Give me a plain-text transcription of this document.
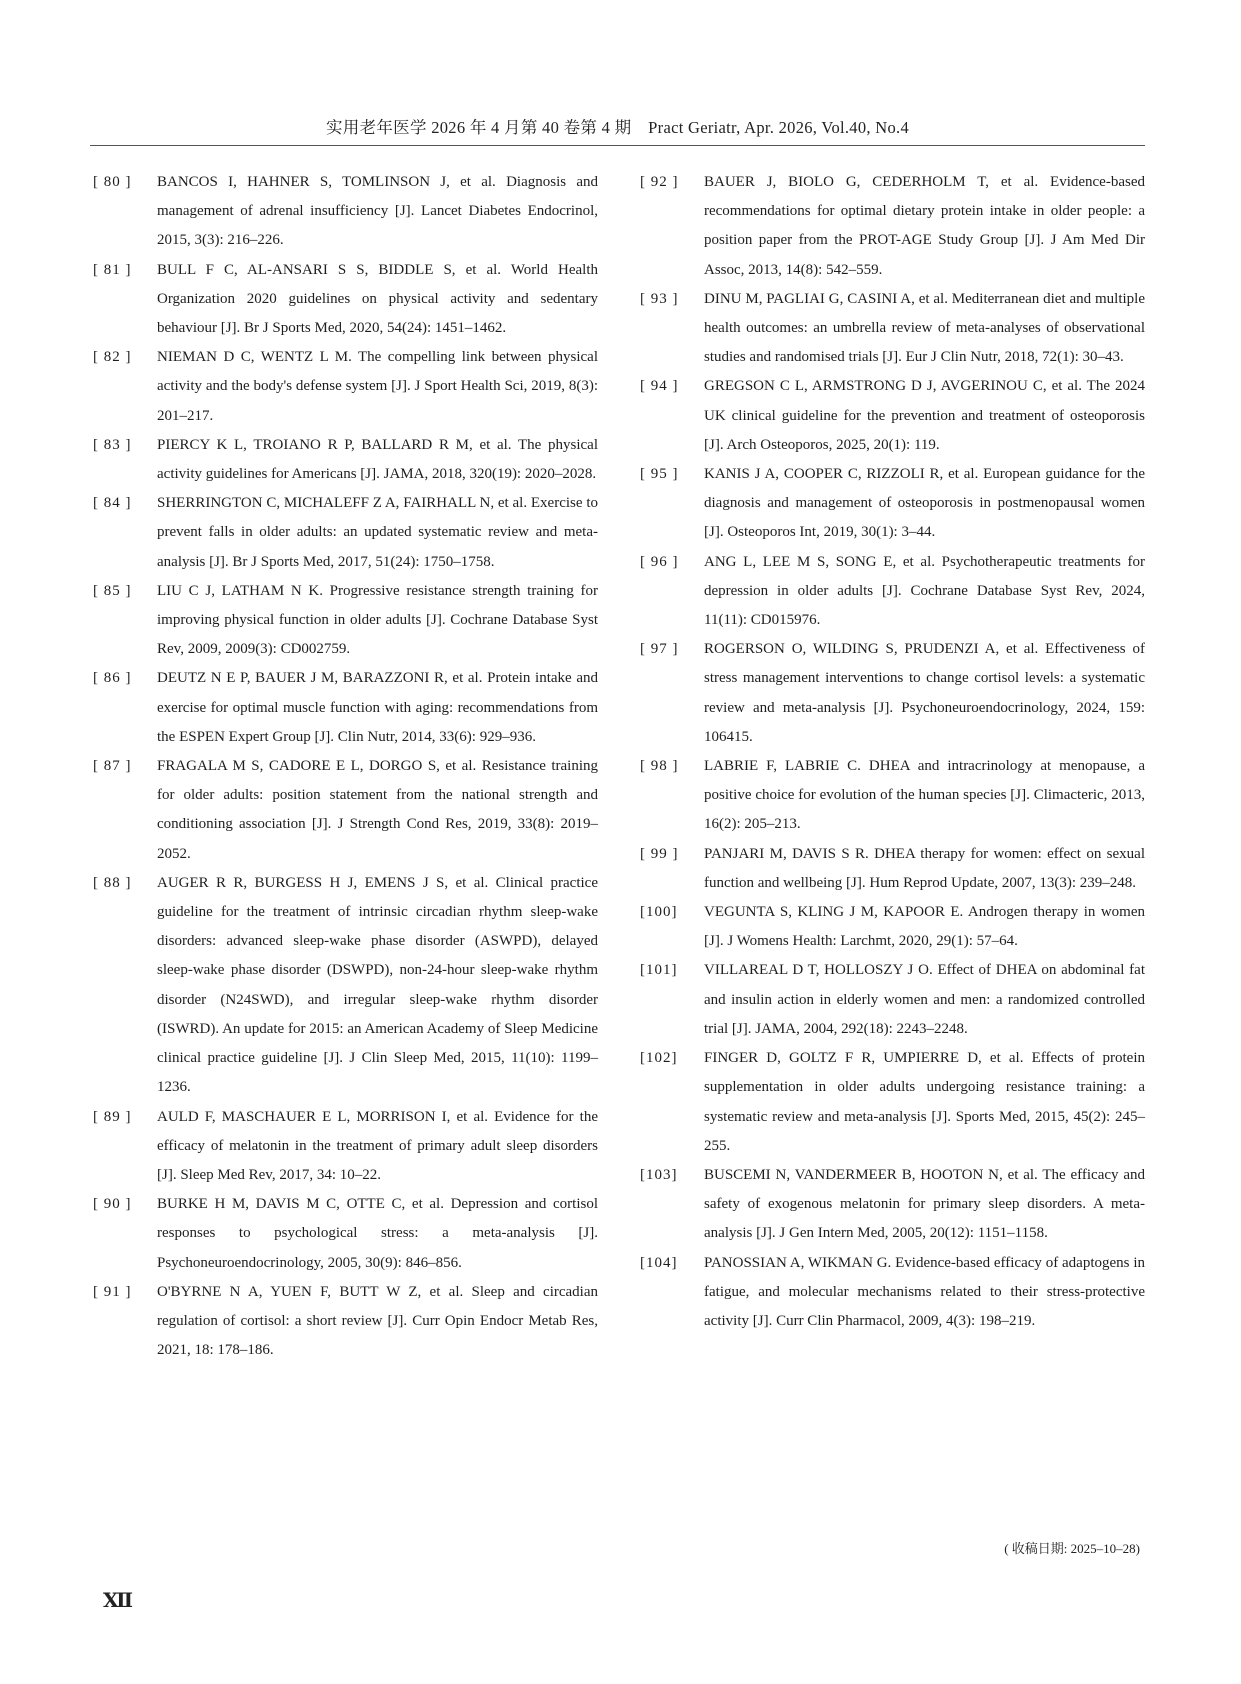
实用老年医学 2026 年 4 月第 40 卷第 4 期　Pract Geriatr, Apr. 2026, Vol.40, No.4
[ 80 ]	BANCOS I, HAHNER S, TOMLINSON J, et al. Diagnosis and management of adrenal insufficiency [J]. Lancet Diabetes Endocrinol, 2015, 3(3): 216–226.
[ 81 ]	BULL F C, AL-ANSARI S S, BIDDLE S, et al. World Health Organization 2020 guidelines on physical activity and sedentary behaviour [J]. Br J Sports Med, 2020, 54(24): 1451–1462.
[ 82 ]	NIEMAN D C, WENTZ L M. The compelling link between physical activity and the body's defense system [J]. J Sport Health Sci, 2019, 8(3): 201–217.
[ 83 ]	PIERCY K L, TROIANO R P, BALLARD R M, et al. The physical activity guidelines for Americans [J]. JAMA, 2018, 320(19): 2020–2028.
[ 84 ]	SHERRINGTON C, MICHALEFF Z A, FAIRHALL N, et al. Exercise to prevent falls in older adults: an updated systematic review and meta-analysis [J]. Br J Sports Med, 2017, 51(24): 1750–1758.
[ 85 ]	LIU C J, LATHAM N K. Progressive resistance strength training for improving physical function in older adults [J]. Cochrane Database Syst Rev, 2009, 2009(3): CD002759.
[ 86 ]	DEUTZ N E P, BAUER J M, BARAZZONI R, et al. Protein intake and exercise for optimal muscle function with aging: recommendations from the ESPEN Expert Group [J]. Clin Nutr, 2014, 33(6): 929–936.
[ 87 ]	FRAGALA M S, CADORE E L, DORGO S, et al. Resistance training for older adults: position statement from the national strength and conditioning association [J]. J Strength Cond Res, 2019, 33(8): 2019–2052.
[ 88 ]	AUGER R R, BURGESS H J, EMENS J S, et al. Clinical practice guideline for the treatment of intrinsic circadian rhythm sleep-wake disorders: advanced sleep-wake phase disorder (ASWPD), delayed sleep-wake phase disorder (DSWPD), non-24-hour sleep-wake rhythm disorder (N24SWD), and irregular sleep-wake rhythm disorder (ISWRD). An update for 2015: an American Academy of Sleep Medicine clinical practice guideline [J]. J Clin Sleep Med, 2015, 11(10): 1199–1236.
[ 89 ]	AULD F, MASCHAUER E L, MORRISON I, et al. Evidence for the efficacy of melatonin in the treatment of primary adult sleep disorders [J]. Sleep Med Rev, 2017, 34: 10–22.
[ 90 ]	BURKE H M, DAVIS M C, OTTE C, et al. Depression and cortisol responses to psychological stress: a meta-analysis [J]. Psychoneuroendocrinology, 2005, 30(9): 846–856.
[ 91 ]	O'BYRNE N A, YUEN F, BUTT W Z, et al. Sleep and circadian regulation of cortisol: a short review [J]. Curr Opin Endocr Metab Res, 2021, 18: 178–186.
[ 92 ]	BAUER J, BIOLO G, CEDERHOLM T, et al. Evidence-based recommendations for optimal dietary protein intake in older people: a position paper from the PROT-AGE Study Group [J]. J Am Med Dir Assoc, 2013, 14(8): 542–559.
[ 93 ]	DINU M, PAGLIAI G, CASINI A, et al. Mediterranean diet and multiple health outcomes: an umbrella review of meta-analyses of observational studies and randomised trials [J]. Eur J Clin Nutr, 2018, 72(1): 30–43.
[ 94 ]	GREGSON C L, ARMSTRONG D J, AVGERINOU C, et al. The 2024 UK clinical guideline for the prevention and treatment of osteoporosis [J]. Arch Osteoporos, 2025, 20(1): 119.
[ 95 ]	KANIS J A, COOPER C, RIZZOLI R, et al. European guidance for the diagnosis and management of osteoporosis in postmenopausal women [J]. Osteoporos Int, 2019, 30(1): 3–44.
[ 96 ]	ANG L, LEE M S, SONG E, et al. Psychotherapeutic treatments for depression in older adults [J]. Cochrane Database Syst Rev, 2024, 11(11): CD015976.
[ 97 ]	ROGERSON O, WILDING S, PRUDENZI A, et al. Effectiveness of stress management interventions to change cortisol levels: a systematic review and meta-analysis [J]. Psychoneuroendocrinology, 2024, 159: 106415.
[ 98 ]	LABRIE F, LABRIE C. DHEA and intracrinology at menopause, a positive choice for evolution of the human species [J]. Climacteric, 2013, 16(2): 205–213.
[ 99 ]	PANJARI M, DAVIS S R. DHEA therapy for women: effect on sexual function and wellbeing [J]. Hum Reprod Update, 2007, 13(3): 239–248.
[100]	VEGUNTA S, KLING J M, KAPOOR E. Androgen therapy in women [J]. J Womens Health: Larchmt, 2020, 29(1): 57–64.
[101]	VILLAREAL D T, HOLLOSZY J O. Effect of DHEA on abdominal fat and insulin action in elderly women and men: a randomized controlled trial [J]. JAMA, 2004, 292(18): 2243–2248.
[102]	FINGER D, GOLTZ F R, UMPIERRE D, et al. Effects of protein supplementation in older adults undergoing resistance training: a systematic review and meta-analysis [J]. Sports Med, 2015, 45(2): 245–255.
[103]	BUSCEMI N, VANDERMEER B, HOOTON N, et al. The efficacy and safety of exogenous melatonin for primary sleep disorders. A meta-analysis [J]. J Gen Intern Med, 2005, 20(12): 1151–1158.
[104]	PANOSSIAN A, WIKMAN G. Evidence-based efficacy of adaptogens in fatigue, and molecular mechanisms related to their stress-protective activity [J]. Curr Clin Pharmacol, 2009, 4(3): 198–219.
( 收稿日期: 2025–10–28)
Ⅻ
